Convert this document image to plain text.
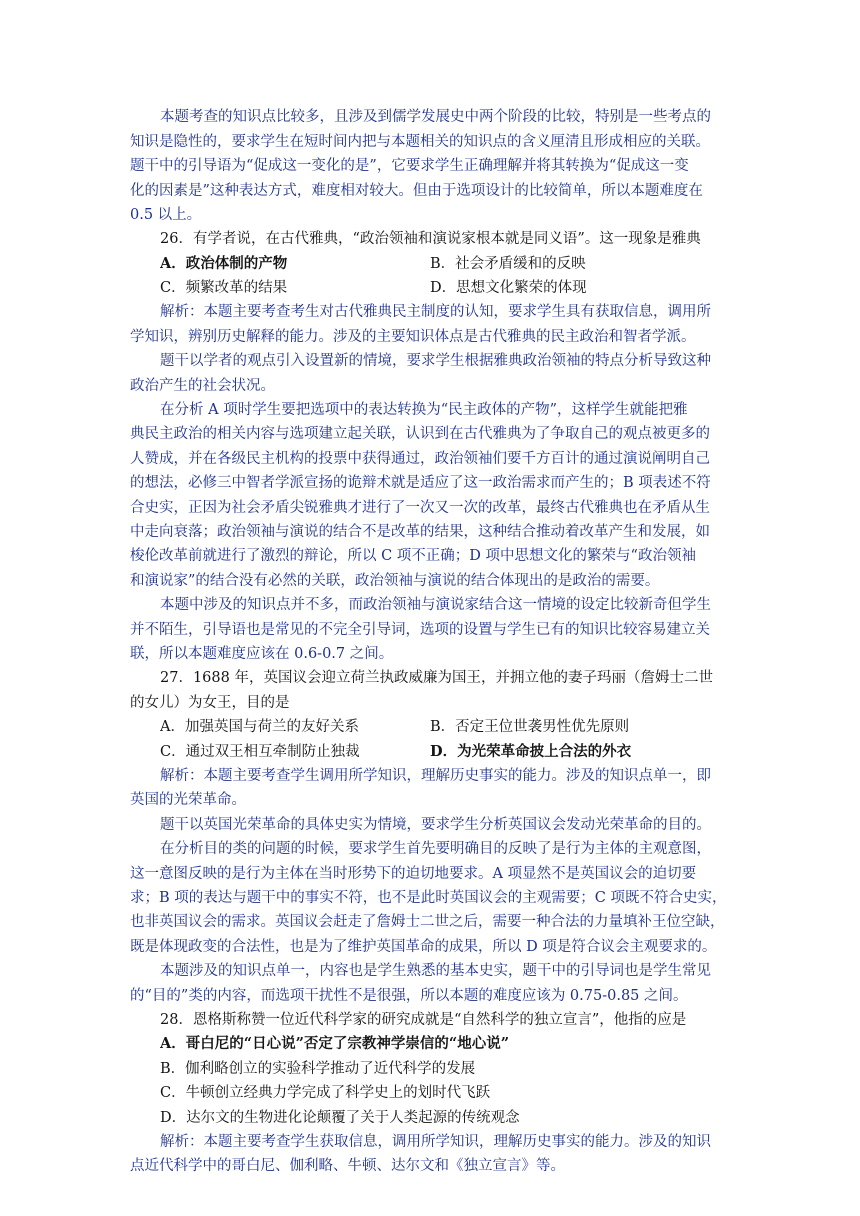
本题考查的知识点比较多，且涉及到儒学发展史中两个阶段的比较，特别是一些考点的
知识是隐性的，要求学生在短时间内把与本题相关的知识点的含义厘清且形成相应的关联。
题干中的引导语为“促成这一变化的是”，它要求学生正确理解并将其转换为“促成这一变
化的因素是”这种表达方式，难度相对较大。但由于选项设计的比较简单，所以本题难度在
0.5 以上。
26．有学者说，在古代雅典，“政治领袖和演说家根本就是同义语”。这一现象是雅典
A．政治体制的产物	B．社会矛盾缓和的反映
C．频繁改革的结果	D．思想文化繁荣的体现
解析：本题主要考查考生对古代雅典民主制度的认知，要求学生具有获取信息，调用所
学知识，辨别历史解释的能力。涉及的主要知识体点是古代雅典的民主政治和智者学派。
题干以学者的观点引入设置新的情境，要求学生根据雅典政治领袖的特点分析导致这种
政治产生的社会状况。
在分析 A 项时学生要把选项中的表达转换为“民主政体的产物”，这样学生就能把雅
典民主政治的相关内容与选项建立起关联，认识到在古代雅典为了争取自己的观点被更多的
人赞成，并在各级民主机构的投票中获得通过，政治领袖们要千方百计的通过演说阐明自己
的想法，必修三中智者学派宣扬的诡辩术就是适应了这一政治需求而产生的；B 项表述不符
合史实，正因为社会矛盾尖锐雅典才进行了一次又一次的改革，最终古代雅典也在矛盾从生
中走向衰落；政治领袖与演说的结合不是改革的结果，这种结合推动着改革产生和发展，如
梭伦改革前就进行了激烈的辩论，所以 C 项不正确；D 项中思想文化的繁荣与“政治领袖
和演说家”的结合没有必然的关联，政治领袖与演说的结合体现出的是政治的需要。
本题中涉及的知识点并不多，而政治领袖与演说家结合这一情境的设定比较新奇但学生
并不陌生，引导语也是常见的不完全引导词，选项的设置与学生已有的知识比较容易建立关
联，所以本题难度应该在 0.6-0.7 之间。
27．1688 年，英国议会迎立荷兰执政威廉为国王，并拥立他的妻子玛丽（詹姆士二世
的女儿）为女王，目的是
A．加强英国与荷兰的友好关系	B．否定王位世袭男性优先原则
C．通过双王相互牵制防止独裁	D．为光荣革命披上合法的外衣
解析：本题主要考查学生调用所学知识，理解历史事实的能力。涉及的知识点单一，即
英国的光荣革命。
题干以英国光荣革命的具体史实为情境，要求学生分析英国议会发动光荣革命的目的。
在分析目的类的问题的时候，要求学生首先要明确目的反映了是行为主体的主观意图，
这一意图反映的是行为主体在当时形势下的迫切地要求。A 项显然不是英国议会的迫切要
求；B 项的表达与题干中的事实不符，也不是此时英国议会的主观需要；C 项既不符合史实，
也非英国议会的需求。英国议会赶走了詹姆士二世之后，需要一种合法的力量填补王位空缺，
既是体现政变的合法性，也是为了维护英国革命的成果，所以 D 项是符合议会主观要求的。
本题涉及的知识点单一，内容也是学生熟悉的基本史实，题干中的引导词也是学生常见
的“目的”类的内容，而选项干扰性不是很强，所以本题的难度应该为 0.75-0.85 之间。
28．恩格斯称赞一位近代科学家的研究成就是“自然科学的独立宣言”，他指的应是
A．哥白尼的“日心说”否定了宗教神学崇信的“地心说”
B．伽利略创立的实验科学推动了近代科学的发展
C．牛顿创立经典力学完成了科学史上的划时代飞跃
D．达尔文的生物进化论颠覆了关于人类起源的传统观念
解析：本题主要考查学生获取信息，调用所学知识，理解历史事实的能力。涉及的知识
点近代科学中的哥白尼、伽利略、牛顿、达尔文和《独立宣言》等。
